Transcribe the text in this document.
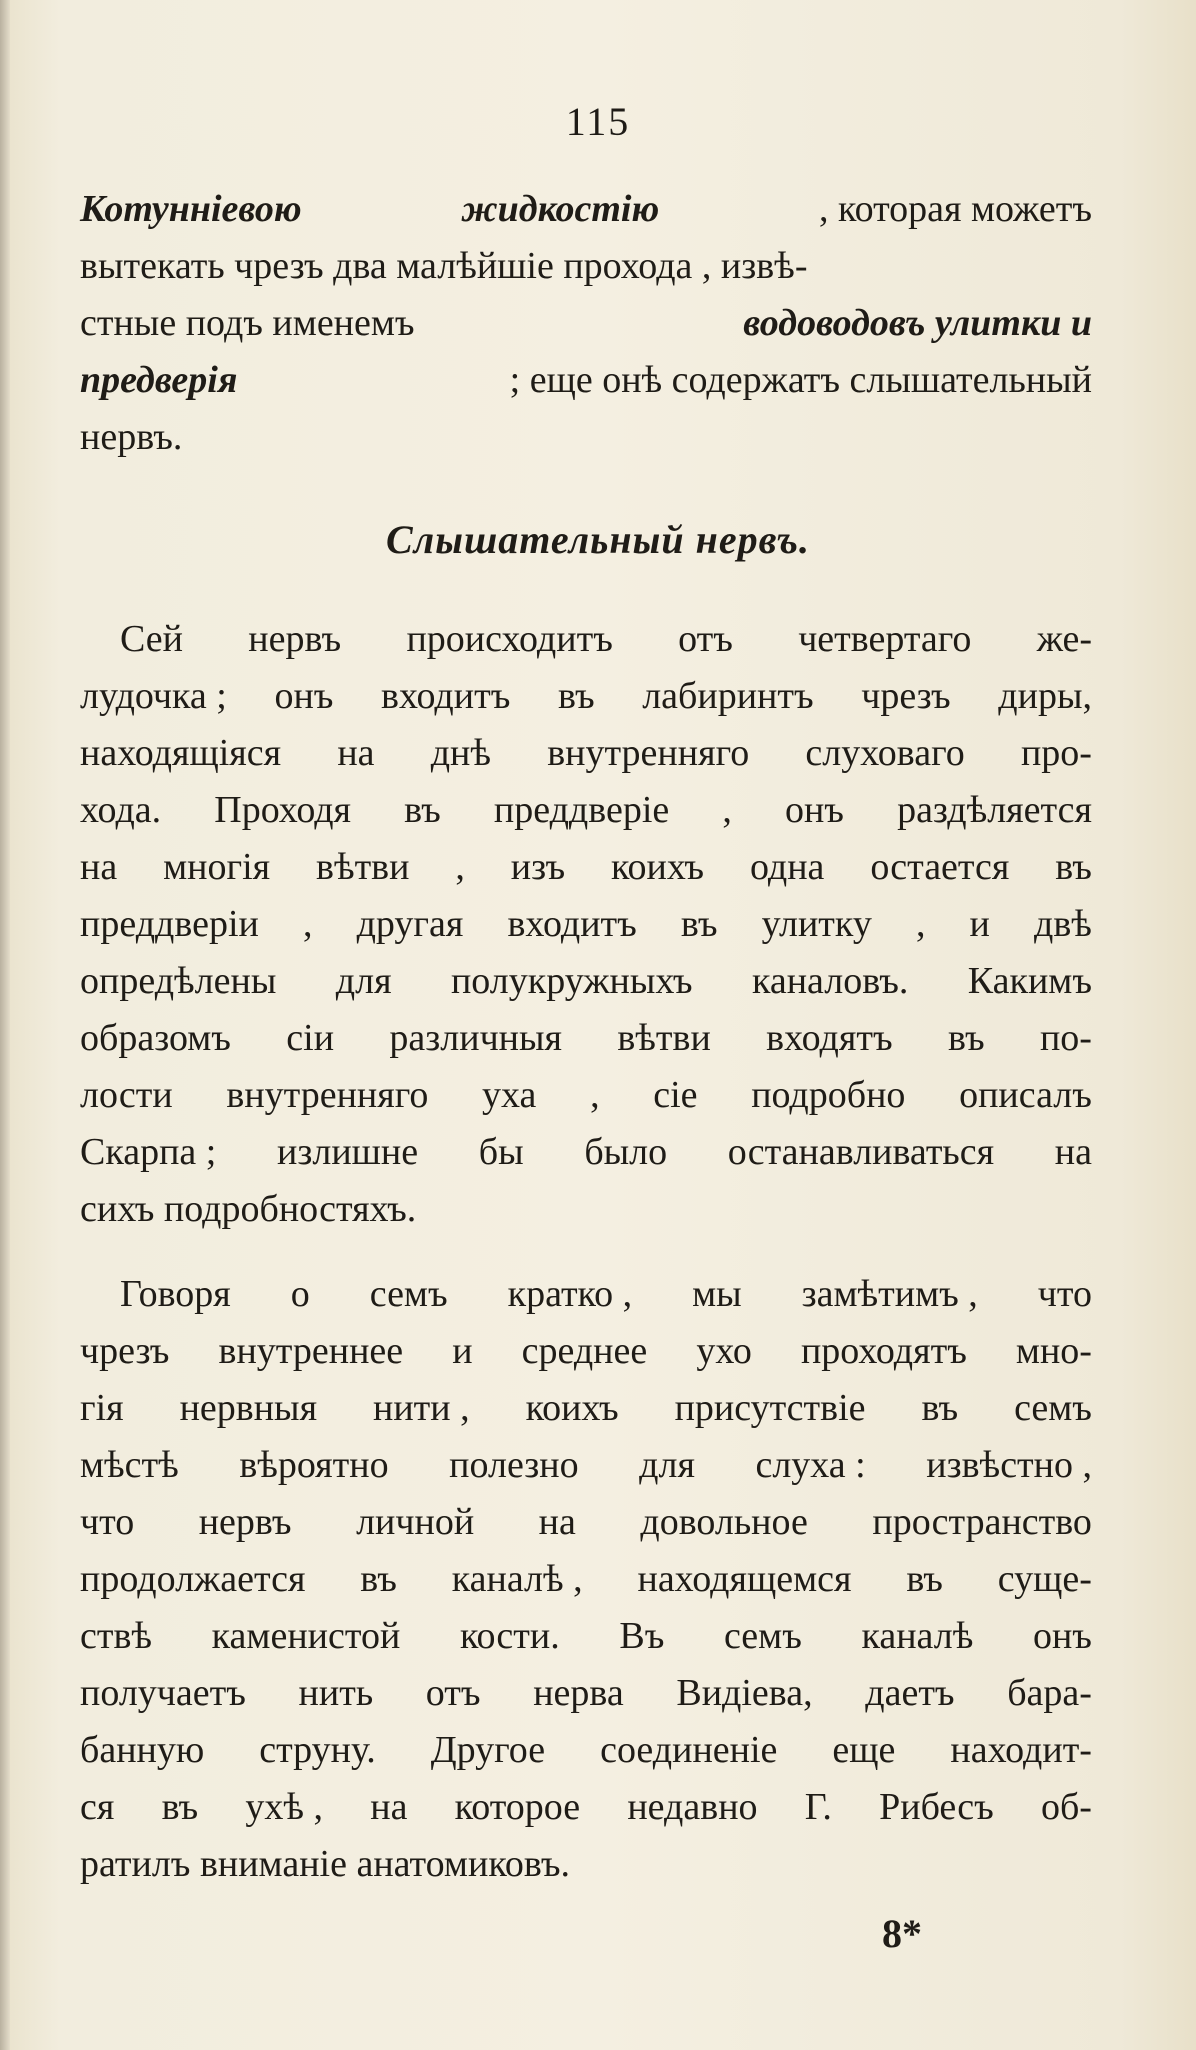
115
Котунніевою	жидкостію	, которая можетъ
вытекать чрезъ два малѣйшіе прохода , извѣ-
стные подъ именемъ	водоводовъ улитки и
предверія	; еще онѣ содержатъ слышательный
нервъ.
Слышательный нервъ.
Сей нервъ происходитъ отъ четвертаго же-
лудочка ; онъ входитъ въ лабиринтъ чрезъ диры,
находящіяся на днѣ внутренняго слуховаго про-
хода. Проходя въ преддверіе , онъ раздѣляется
на многія вѣтви , изъ коихъ одна остается въ
преддверіи , другая входитъ въ улитку , и двѣ
опредѣлены для полукружныхъ каналовъ. Какимъ
образомъ сіи различныя вѣтви входятъ въ по-
лости внутренняго уха , сіе подробно описалъ
Скарпа ; излишне бы было останавливаться на
сихъ подробностяхъ.
Говоря о семъ кратко , мы замѣтимъ , что
чрезъ внутреннее и среднее ухо проходятъ мно-
гія нервныя нити , коихъ присутствіе въ семъ
мѣстѣ вѣроятно полезно для слуха : извѣстно ,
что нервъ личной на довольное пространство
продолжается въ каналѣ , находящемся въ суще-
ствѣ каменистой кости. Въ семъ каналѣ онъ
получаетъ нить отъ нерва Видіева, даетъ бара-
банную струну. Другое соединеніе еще находит-
ся въ ухѣ , на которое недавно Г. Рибесъ об-
ратилъ вниманіе анатомиковъ.
8*
